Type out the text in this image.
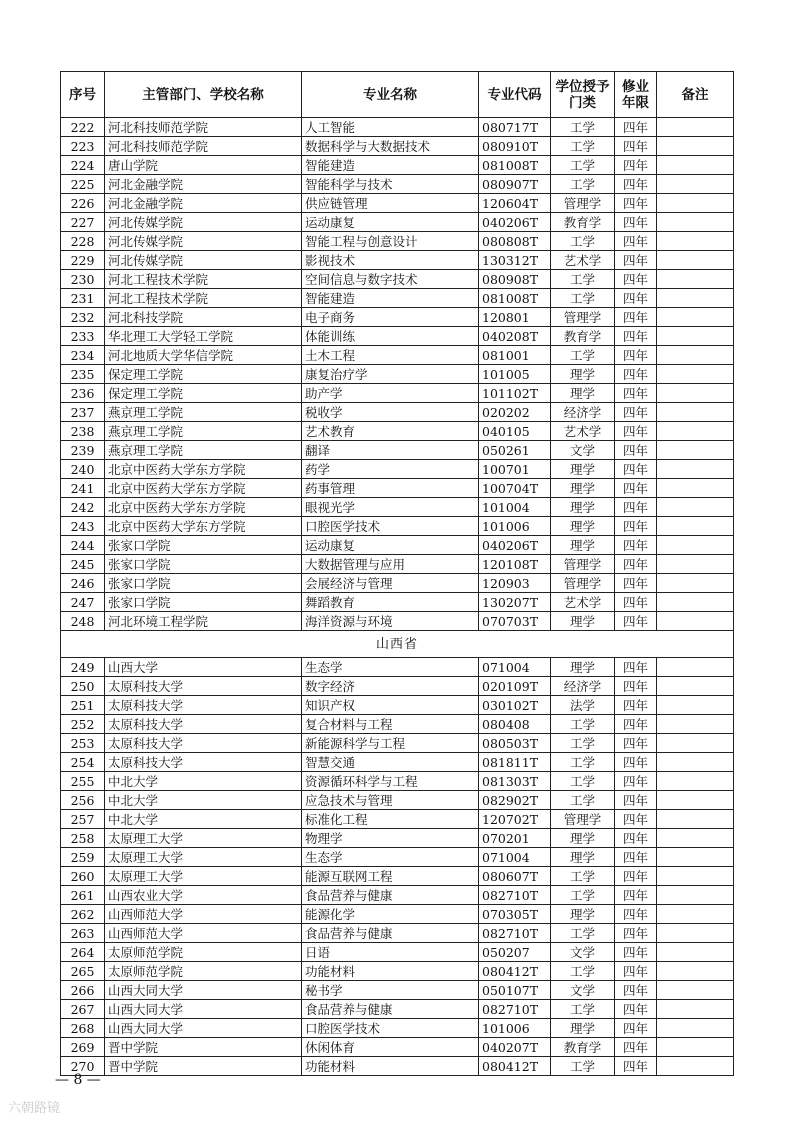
序号	主管部门、学校名称	专业名称	专业代码	学位授予门类	修业年限	备注
222	河北科技师范学院	人工智能	080717T	工学	四年	
223	河北科技师范学院	数据科学与大数据技术	080910T	工学	四年	
224	唐山学院	智能建造	081008T	工学	四年	
225	河北金融学院	智能科学与技术	080907T	工学	四年	
226	河北金融学院	供应链管理	120604T	管理学	四年	
227	河北传媒学院	运动康复	040206T	教育学	四年	
228	河北传媒学院	智能工程与创意设计	080808T	工学	四年	
229	河北传媒学院	影视技术	130312T	艺术学	四年	
230	河北工程技术学院	空间信息与数字技术	080908T	工学	四年	
231	河北工程技术学院	智能建造	081008T	工学	四年	
232	河北科技学院	电子商务	120801	管理学	四年	
233	华北理工大学轻工学院	体能训练	040208T	教育学	四年	
234	河北地质大学华信学院	土木工程	081001	工学	四年	
235	保定理工学院	康复治疗学	101005	理学	四年	
236	保定理工学院	助产学	101102T	理学	四年	
237	燕京理工学院	税收学	020202	经济学	四年	
238	燕京理工学院	艺术教育	040105	艺术学	四年	
239	燕京理工学院	翻译	050261	文学	四年	
240	北京中医药大学东方学院	药学	100701	理学	四年	
241	北京中医药大学东方学院	药事管理	100704T	理学	四年	
242	北京中医药大学东方学院	眼视光学	101004	理学	四年	
243	北京中医药大学东方学院	口腔医学技术	101006	理学	四年	
244	张家口学院	运动康复	040206T	理学	四年	
245	张家口学院	大数据管理与应用	120108T	管理学	四年	
246	张家口学院	会展经济与管理	120903	管理学	四年	
247	张家口学院	舞蹈教育	130207T	艺术学	四年	
248	河北环境工程学院	海洋资源与环境	070703T	理学	四年	
山西省						
249	山西大学	生态学	071004	理学	四年	
250	太原科技大学	数字经济	020109T	经济学	四年	
251	太原科技大学	知识产权	030102T	法学	四年	
252	太原科技大学	复合材料与工程	080408	工学	四年	
253	太原科技大学	新能源科学与工程	080503T	工学	四年	
254	太原科技大学	智慧交通	081811T	工学	四年	
255	中北大学	资源循环科学与工程	081303T	工学	四年	
256	中北大学	应急技术与管理	082902T	工学	四年	
257	中北大学	标准化工程	120702T	管理学	四年	
258	太原理工大学	物理学	070201	理学	四年	
259	太原理工大学	生态学	071004	理学	四年	
260	太原理工大学	能源互联网工程	080607T	工学	四年	
261	山西农业大学	食品营养与健康	082710T	工学	四年	
262	山西师范大学	能源化学	070305T	理学	四年	
263	山西师范大学	食品营养与健康	082710T	工学	四年	
264	太原师范学院	日语	050207	文学	四年	
265	太原师范学院	功能材料	080412T	工学	四年	
266	山西大同大学	秘书学	050107T	文学	四年	
267	山西大同大学	食品营养与健康	082710T	工学	四年	
268	山西大同大学	口腔医学技术	101006	理学	四年	
269	晋中学院	休闲体育	040207T	教育学	四年	
270	晋中学院	功能材料	080412T	工学	四年	
— 8 —
六朝路镜
